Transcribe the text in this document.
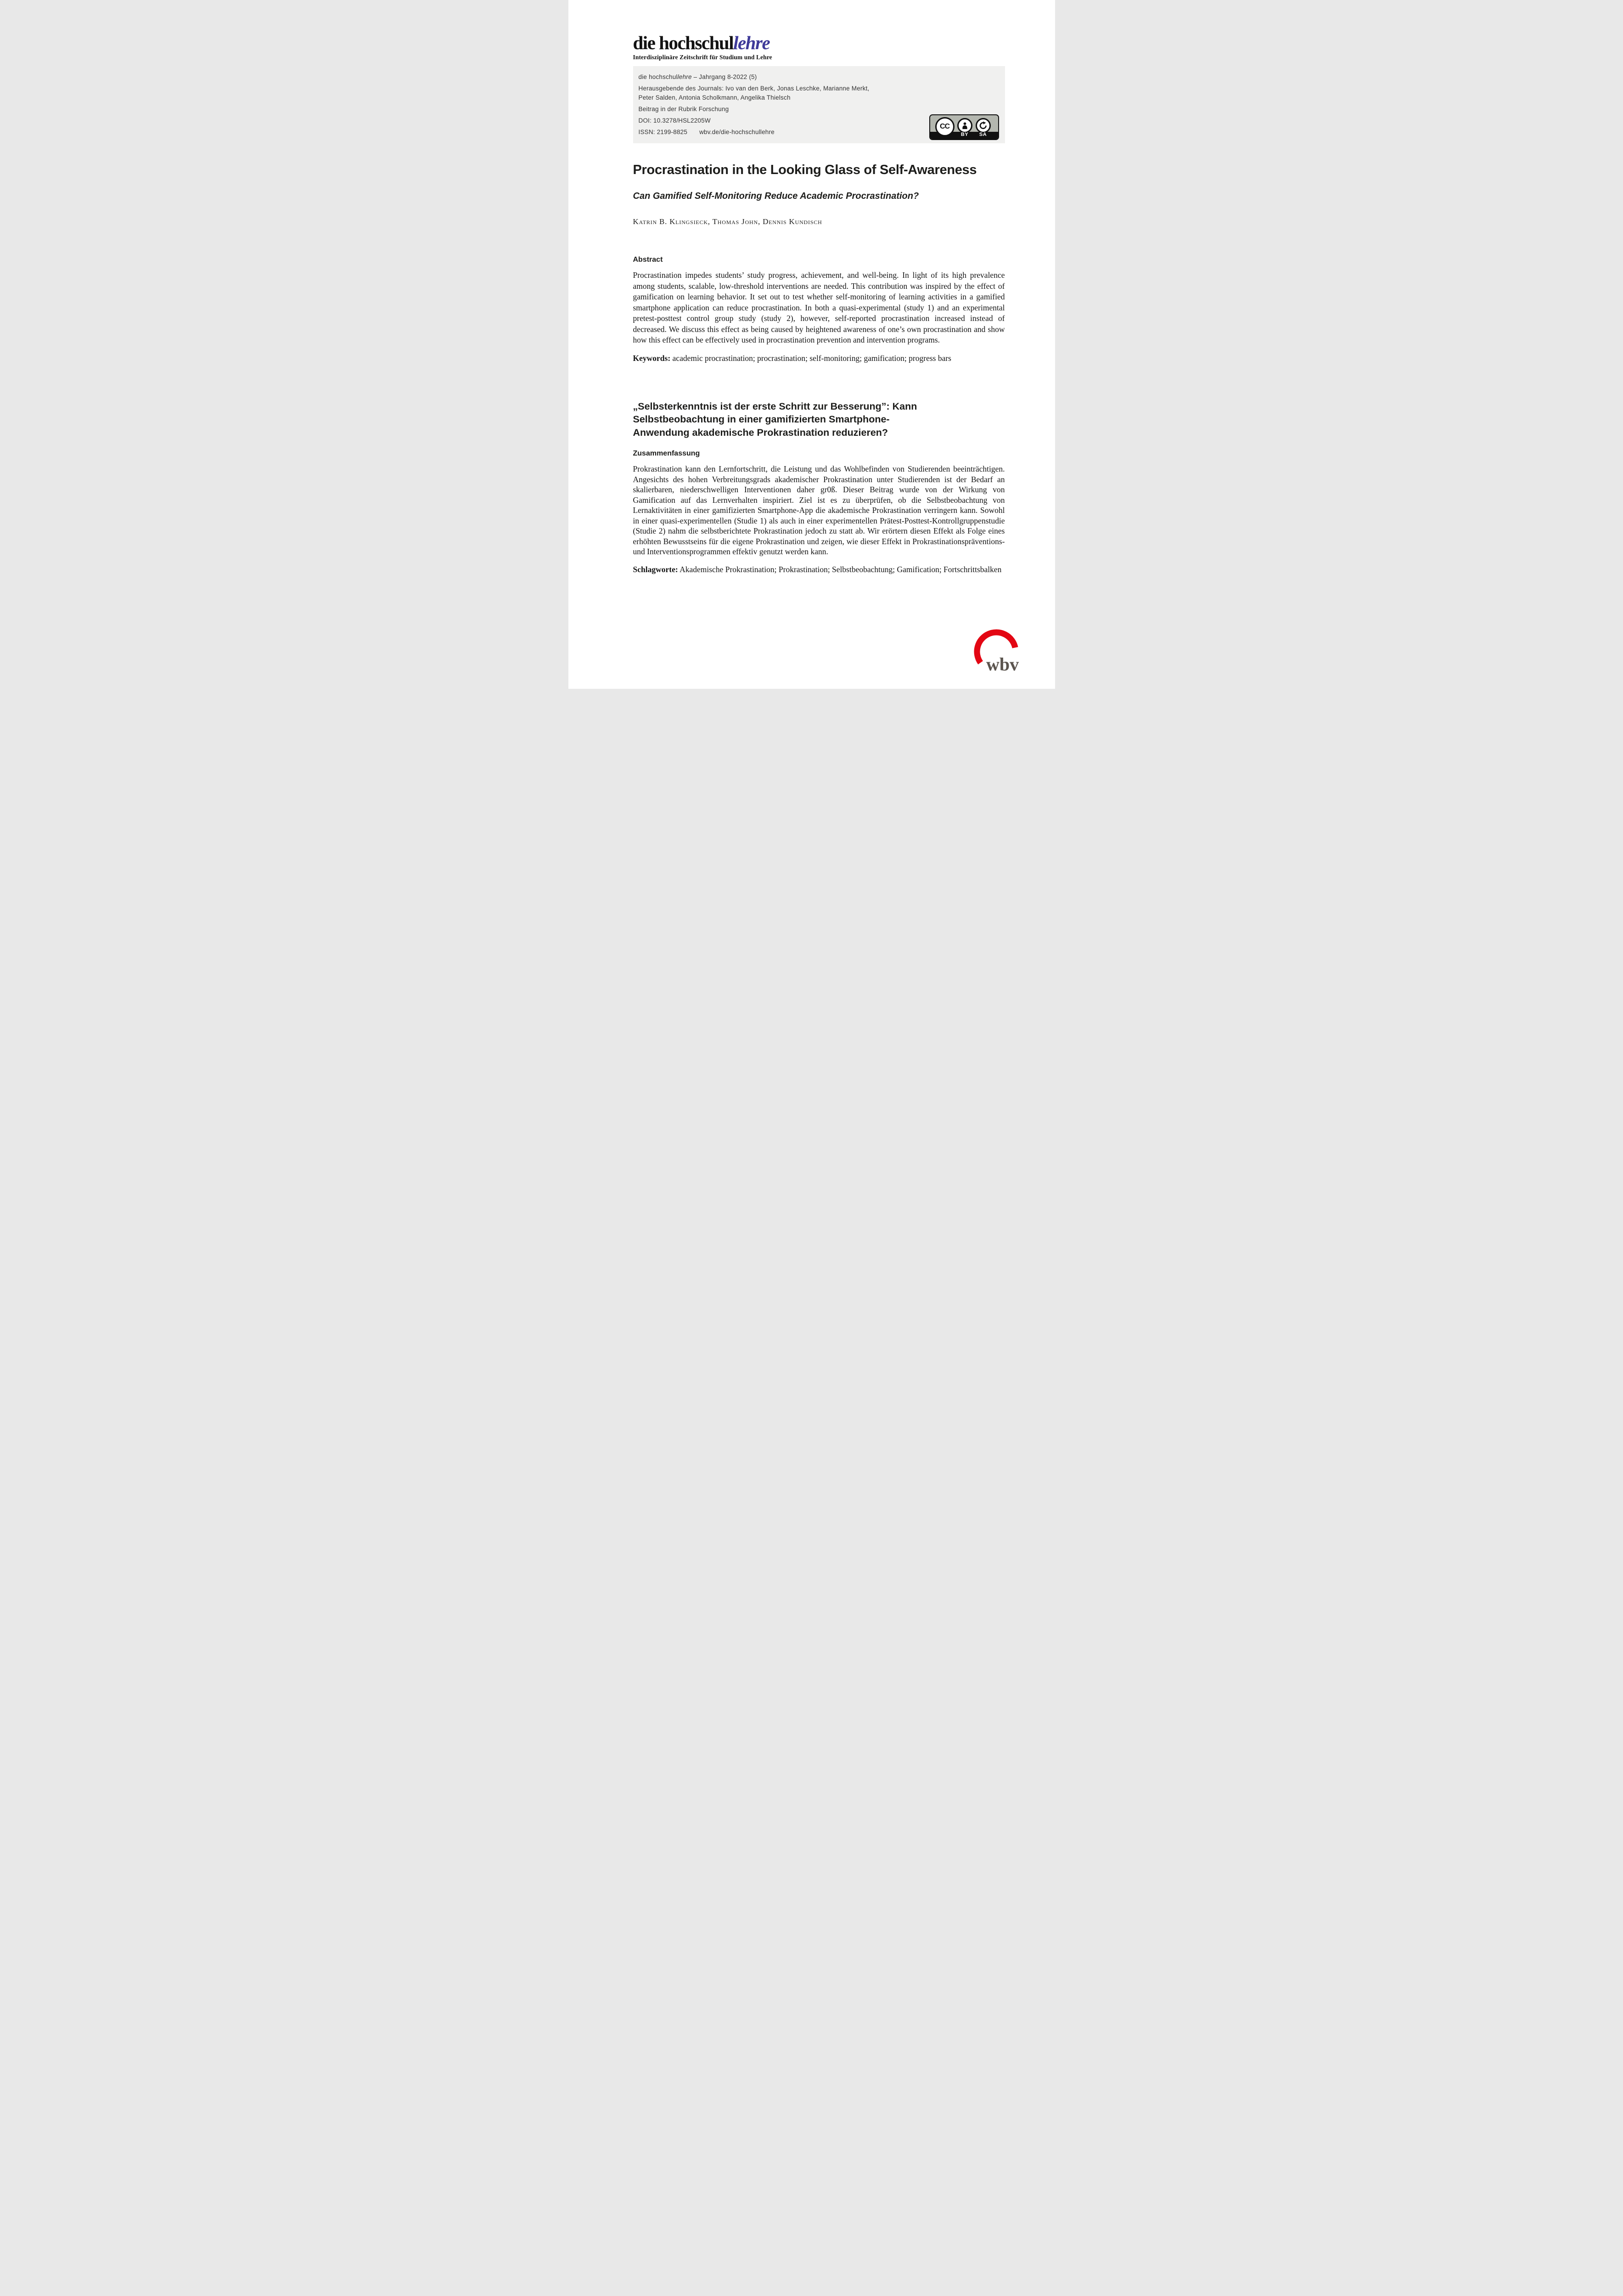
die hochschullehre
Interdisziplinäre Zeitschrift für Studium und Lehre

die hochschullehre – Jahrgang 8-2022 (5)

Herausgebende des Journals: Ivo van den Berk, Jonas Leschke, Marianne Merkt, Peter Salden, Antonia Scholkmann, Angelika Thielsch

Beitrag in der Rubrik Forschung

DOI: 10.3278/HSL2205W

ISSN: 2199-8825 wbv.de/die-hochschullehre

CC
BY	SA
Procrastination in the Looking Glass of Self-Awareness
Can Gamified Self-Monitoring Reduce Academic Procrastination?
Katrin B. Klingsieck, Thomas John, Dennis Kundisch
Abstract

Procrastination impedes students’ study progress, achievement, and well-being. In light of its high prevalence among students, scalable, low-threshold interventions are needed. This contribution was inspired by the effect of gamification on learning behavior. It set out to test whether self-monitoring of learning activities in a gamified smartphone application can reduce procrastination. In both a quasi-experimental (study 1) and an experimental pretest-posttest control group study (study 2), however, self-reported procrastination increased instead of decreased. We discuss this effect as being caused by heightened awareness of one’s own procrastination and show how this effect can be effectively used in procrastination prevention and intervention programs.

Keywords: academic procrastination; procrastination; self-monitoring; gamification; progress bars

„Selbsterkenntnis ist der erste Schritt zur Besserung”: Kann Selbstbeobachtung in einer gamifizierten Smartphone-Anwendung akademische Prokrastination reduzieren?
Zusammenfassung

Prokrastination kann den Lernfortschritt, die Leistung und das Wohlbefinden von Studierenden beeinträchtigen. Angesichts des hohen Verbreitungsgrads akademischer Prokrastination unter Studierenden ist der Bedarf an skalierbaren, niederschwelligen Interventionen daher gr0ß. Dieser Beitrag wurde von der Wirkung von Gamification auf das Lernverhalten inspiriert. Ziel ist es zu überprüfen, ob die Selbstbeobachtung von Lernaktivitäten in einer gamifizierten Smartphone-App die akademische Prokrastination verringern kann. Sowohl in einer quasi-experimentellen (Studie 1) als auch in einer experimentellen Prätest-Posttest-Kontrollgruppenstudie (Studie 2) nahm die selbstberichtete Prokrastination jedoch zu statt ab. Wir erörtern diesen Effekt als Folge eines erhöhten Bewusstseins für die eigene Prokrastination und zeigen, wie dieser Effekt in Prokrastinationspräventions- und Interventionsprogrammen effektiv genutzt werden kann.

Schlagworte: Akademische Prokrastination; Prokrastination; Selbstbeobachtung; Gamification; Fortschrittsbalken

wbv
